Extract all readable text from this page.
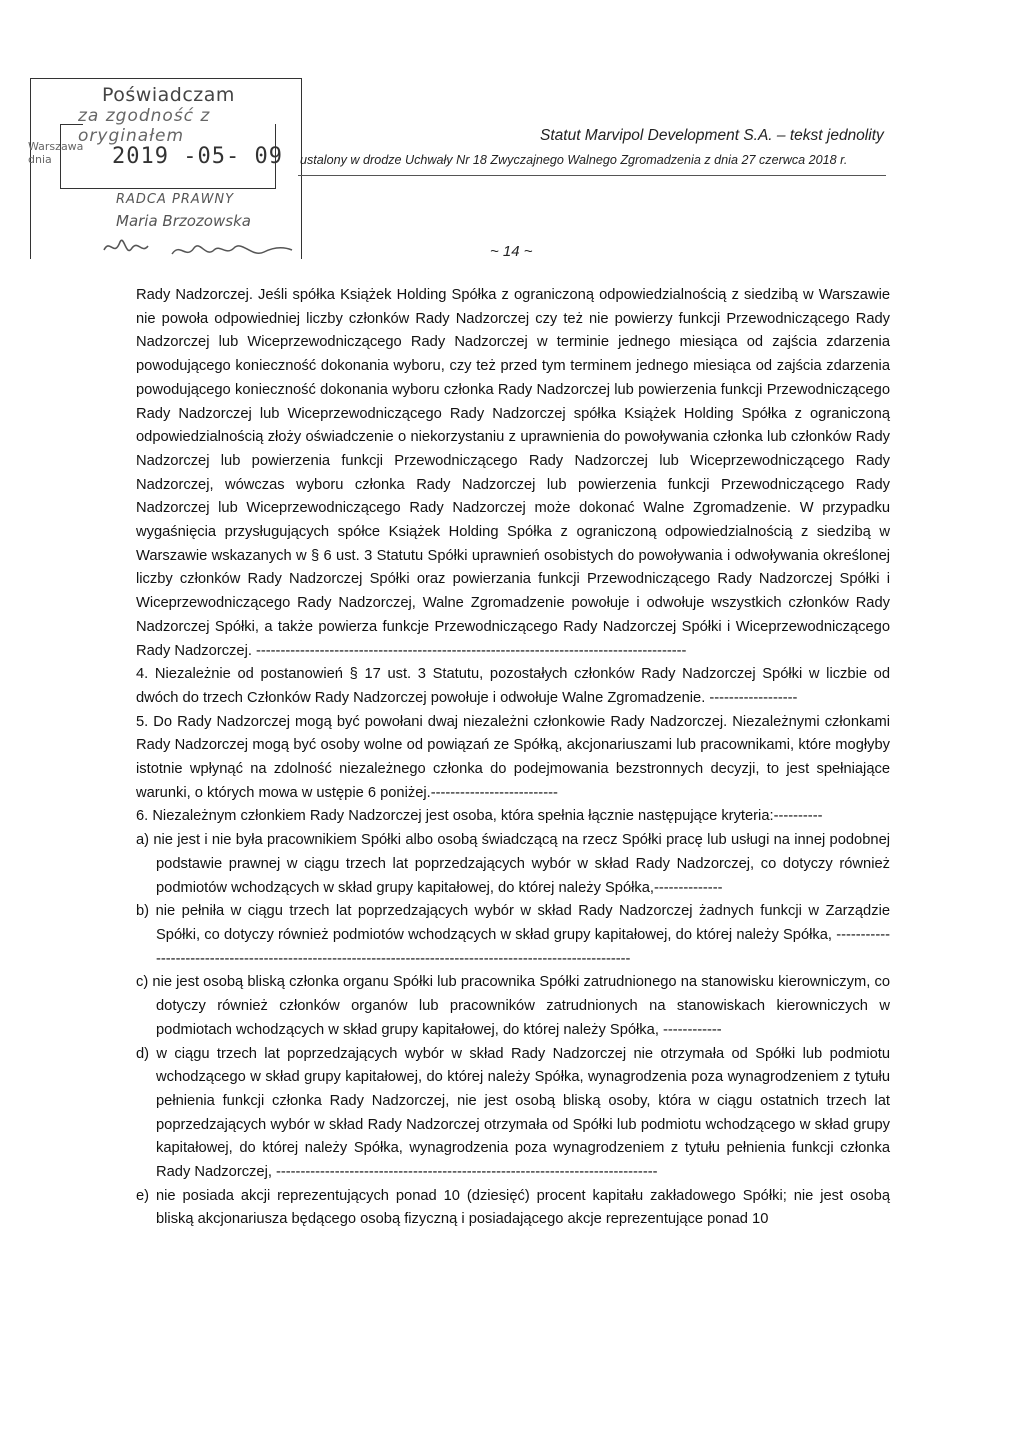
Poświadczam
za zgodność z oryginałem
Warszawa dnia	2019 -05- 09
RADCA PRAWNY
Maria Brzozowska
Statut Marvipol Development S.A. – tekst jednolity
ustalony w drodze Uchwały Nr 18 Zwyczajnego Walnego Zgromadzenia z dnia 27 czerwca 2018 r.
~ 14 ~

Rady Nadzorczej. Jeśli spółka Książek Holding Spółka z ograniczoną odpowiedzialnością z siedzibą w Warszawie nie powoła odpowiedniej liczby członków Rady Nadzorczej czy też nie powierzy funkcji Przewodniczącego Rady Nadzorczej lub Wiceprzewodniczącego Rady Nadzorczej w terminie jednego miesiąca od zajścia zdarzenia powodującego konieczność dokonania wyboru, czy też przed tym terminem jednego miesiąca od zajścia zdarzenia powodującego konieczność dokonania wyboru członka Rady Nadzorczej lub powierzenia funkcji Przewodniczącego Rady Nadzorczej lub Wiceprzewodniczącego Rady Nadzorczej spółka Książek Holding Spółka z ograniczoną odpowiedzialnością złoży oświadczenie o niekorzystaniu z uprawnienia do powoływania członka lub członków Rady Nadzorczej lub powierzenia funkcji Przewodniczącego Rady Nadzorczej lub Wiceprzewodniczącego Rady Nadzorczej, wówczas wyboru członka Rady Nadzorczej lub powierzenia funkcji Przewodniczącego Rady Nadzorczej lub Wiceprzewodniczącego Rady Nadzorczej może dokonać Walne Zgromadzenie. W przypadku wygaśnięcia przysługujących spółce Książek Holding Spółka z ograniczoną odpowiedzialnością z siedzibą w Warszawie wskazanych w § 6 ust. 3 Statutu Spółki uprawnień osobistych do powoływania i odwoływania określonej liczby członków Rady Nadzorczej Spółki oraz powierzania funkcji Przewodniczącego Rady Nadzorczej Spółki i Wiceprzewodniczącego Rady Nadzorczej, Walne Zgromadzenie powołuje i odwołuje wszystkich członków Rady Nadzorczej Spółki, a także powierza funkcje Przewodniczącego Rady Nadzorczej Spółki i Wiceprzewodniczącego Rady Nadzorczej. ----------------------------------------------------------------------------------------

4. Niezależnie od postanowień § 17 ust. 3 Statutu, pozostałych członków Rady Nadzorczej Spółki w liczbie od dwóch do trzech Członków Rady Nadzorczej powołuje i odwołuje Walne Zgromadzenie. ------------------

5. Do Rady Nadzorczej mogą być powołani dwaj niezależni członkowie Rady Nadzorczej. Niezależnymi członkami Rady Nadzorczej mogą być osoby wolne od powiązań ze Spółką, akcjonariuszami lub pracownikami, które mogłyby istotnie wpłynąć na zdolność niezależnego członka do podejmowania bezstronnych decyzji, to jest spełniające warunki, o których mowa w ustępie 6 poniżej.--------------------------

6. Niezależnym członkiem Rady Nadzorczej jest osoba, która spełnia łącznie następujące kryteria:----------

a) nie jest i nie była pracownikiem Spółki albo osobą świadczącą na rzecz Spółki pracę lub usługi na innej podobnej podstawie prawnej w ciągu trzech lat poprzedzających wybór w skład Rady Nadzorczej, co dotyczy również podmiotów wchodzących w skład grupy kapitałowej, do której należy Spółka,--------------

b) nie pełniła w ciągu trzech lat poprzedzających wybór w skład Rady Nadzorczej żadnych funkcji w Zarządzie Spółki, co dotyczy również podmiotów wchodzących w skład grupy kapitałowej, do której należy Spółka, ------------------------------------------------------------------------------------------------------------

c) nie jest osobą bliską członka organu Spółki lub pracownika Spółki zatrudnionego na stanowisku kierowniczym, co dotyczy również członków organów lub pracowników zatrudnionych na stanowiskach kierowniczych w podmiotach wchodzących w skład grupy kapitałowej, do której należy Spółka, ------------

d) w ciągu trzech lat poprzedzających wybór w skład Rady Nadzorczej nie otrzymała od Spółki lub podmiotu wchodzącego w skład grupy kapitałowej, do której należy Spółka, wynagrodzenia poza wynagrodzeniem z tytułu pełnienia funkcji członka Rady Nadzorczej, nie jest osobą bliską osoby, która w ciągu ostatnich trzech lat poprzedzających wybór w skład Rady Nadzorczej otrzymała od Spółki lub podmiotu wchodzącego w skład grupy kapitałowej, do której należy Spółka, wynagrodzenia poza wynagrodzeniem z tytułu pełnienia funkcji członka Rady Nadzorczej, ------------------------------------------------------------------------------

e) nie posiada akcji reprezentujących ponad 10 (dziesięć) procent kapitału zakładowego Spółki; nie jest osobą bliską akcjonariusza będącego osobą fizyczną i posiadającego akcje reprezentujące ponad 10
